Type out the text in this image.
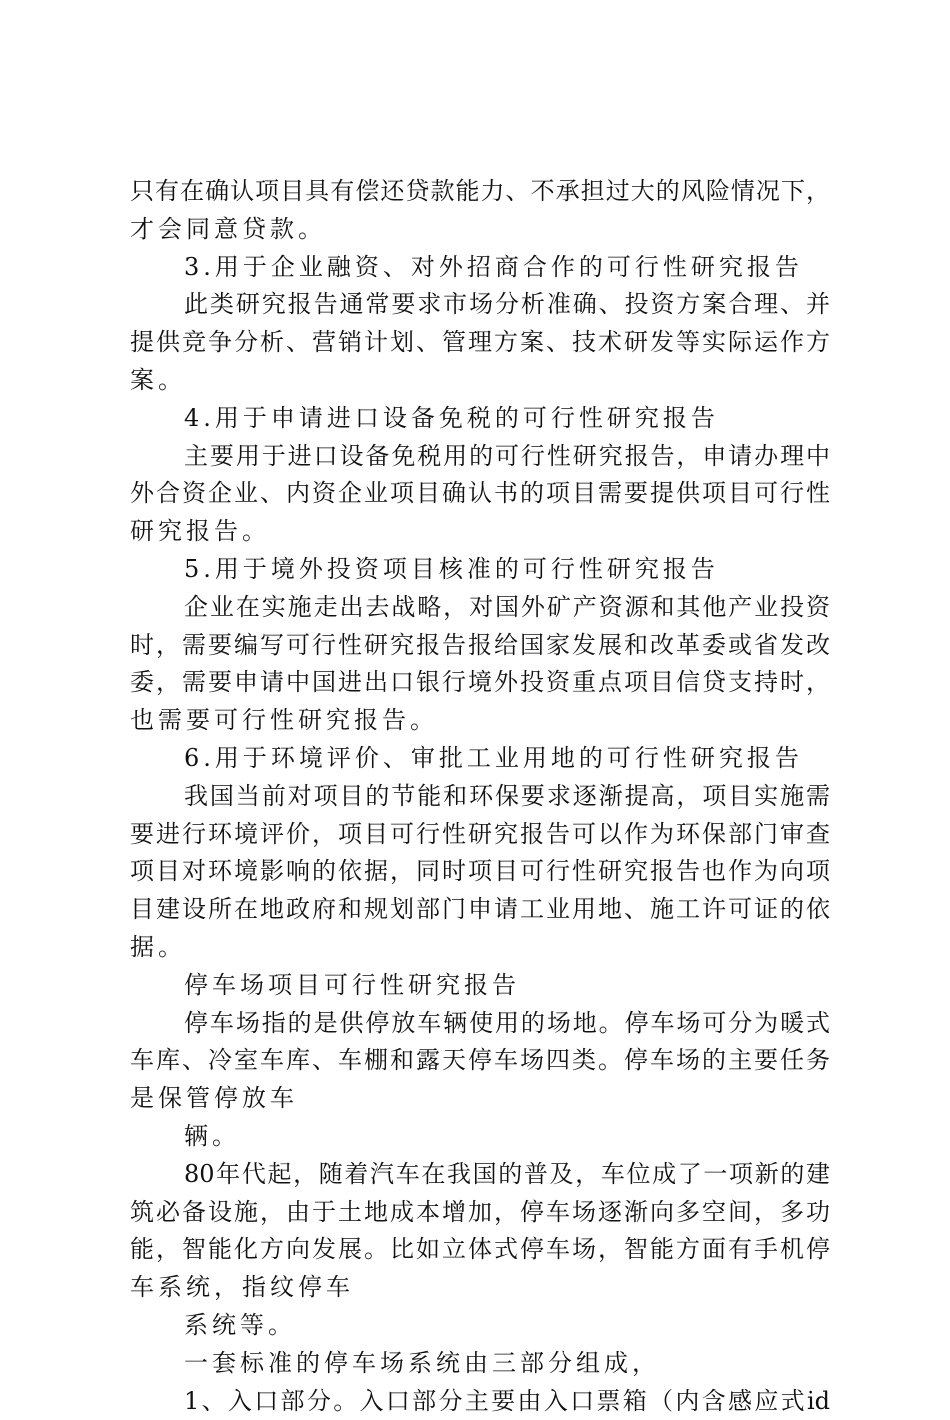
只有在确认项目具有偿还贷款能力、不承担过大的风险情况下，
才会同意贷款。
3.用于企业融资、对外招商合作的可行性研究报告
此类研究报告通常要求市场分析准确、投资方案合理、并
提供竞争分析、营销计划、管理方案、技术研发等实际运作方
案。
4.用于申请进口设备免税的可行性研究报告
主要用于进口设备免税用的可行性研究报告，申请办理中
外合资企业、内资企业项目确认书的项目需要提供项目可行性
研究报告。
5.用于境外投资项目核准的可行性研究报告
企业在实施走出去战略，对国外矿产资源和其他产业投资
时，需要编写可行性研究报告报给国家发展和改革委或省发改
委，需要申请中国进出口银行境外投资重点项目信贷支持时，
也需要可行性研究报告。
6.用于环境评价、审批工业用地的可行性研究报告
我国当前对项目的节能和环保要求逐渐提高，项目实施需
要进行环境评价，项目可行性研究报告可以作为环保部门审查
项目对环境影响的依据，同时项目可行性研究报告也作为向项
目建设所在地政府和规划部门申请工业用地、施工许可证的依
据。
停车场项目可行性研究报告
停车场指的是供停放车辆使用的场地。停车场可分为暖式
车库、冷室车库、车棚和露天停车场四类。停车场的主要任务
是保管停放车
辆。
80年代起，随着汽车在我国的普及，车位成了一项新的建
筑必备设施，由于土地成本增加，停车场逐渐向多空间，多功
能，智能化方向发展。比如立体式停车场，智能方面有手机停
车系统，指纹停车
系统等。
一套标准的停车场系统由三部分组成，
1、入口部分。入口部分主要由入口票箱（内含感应式id
